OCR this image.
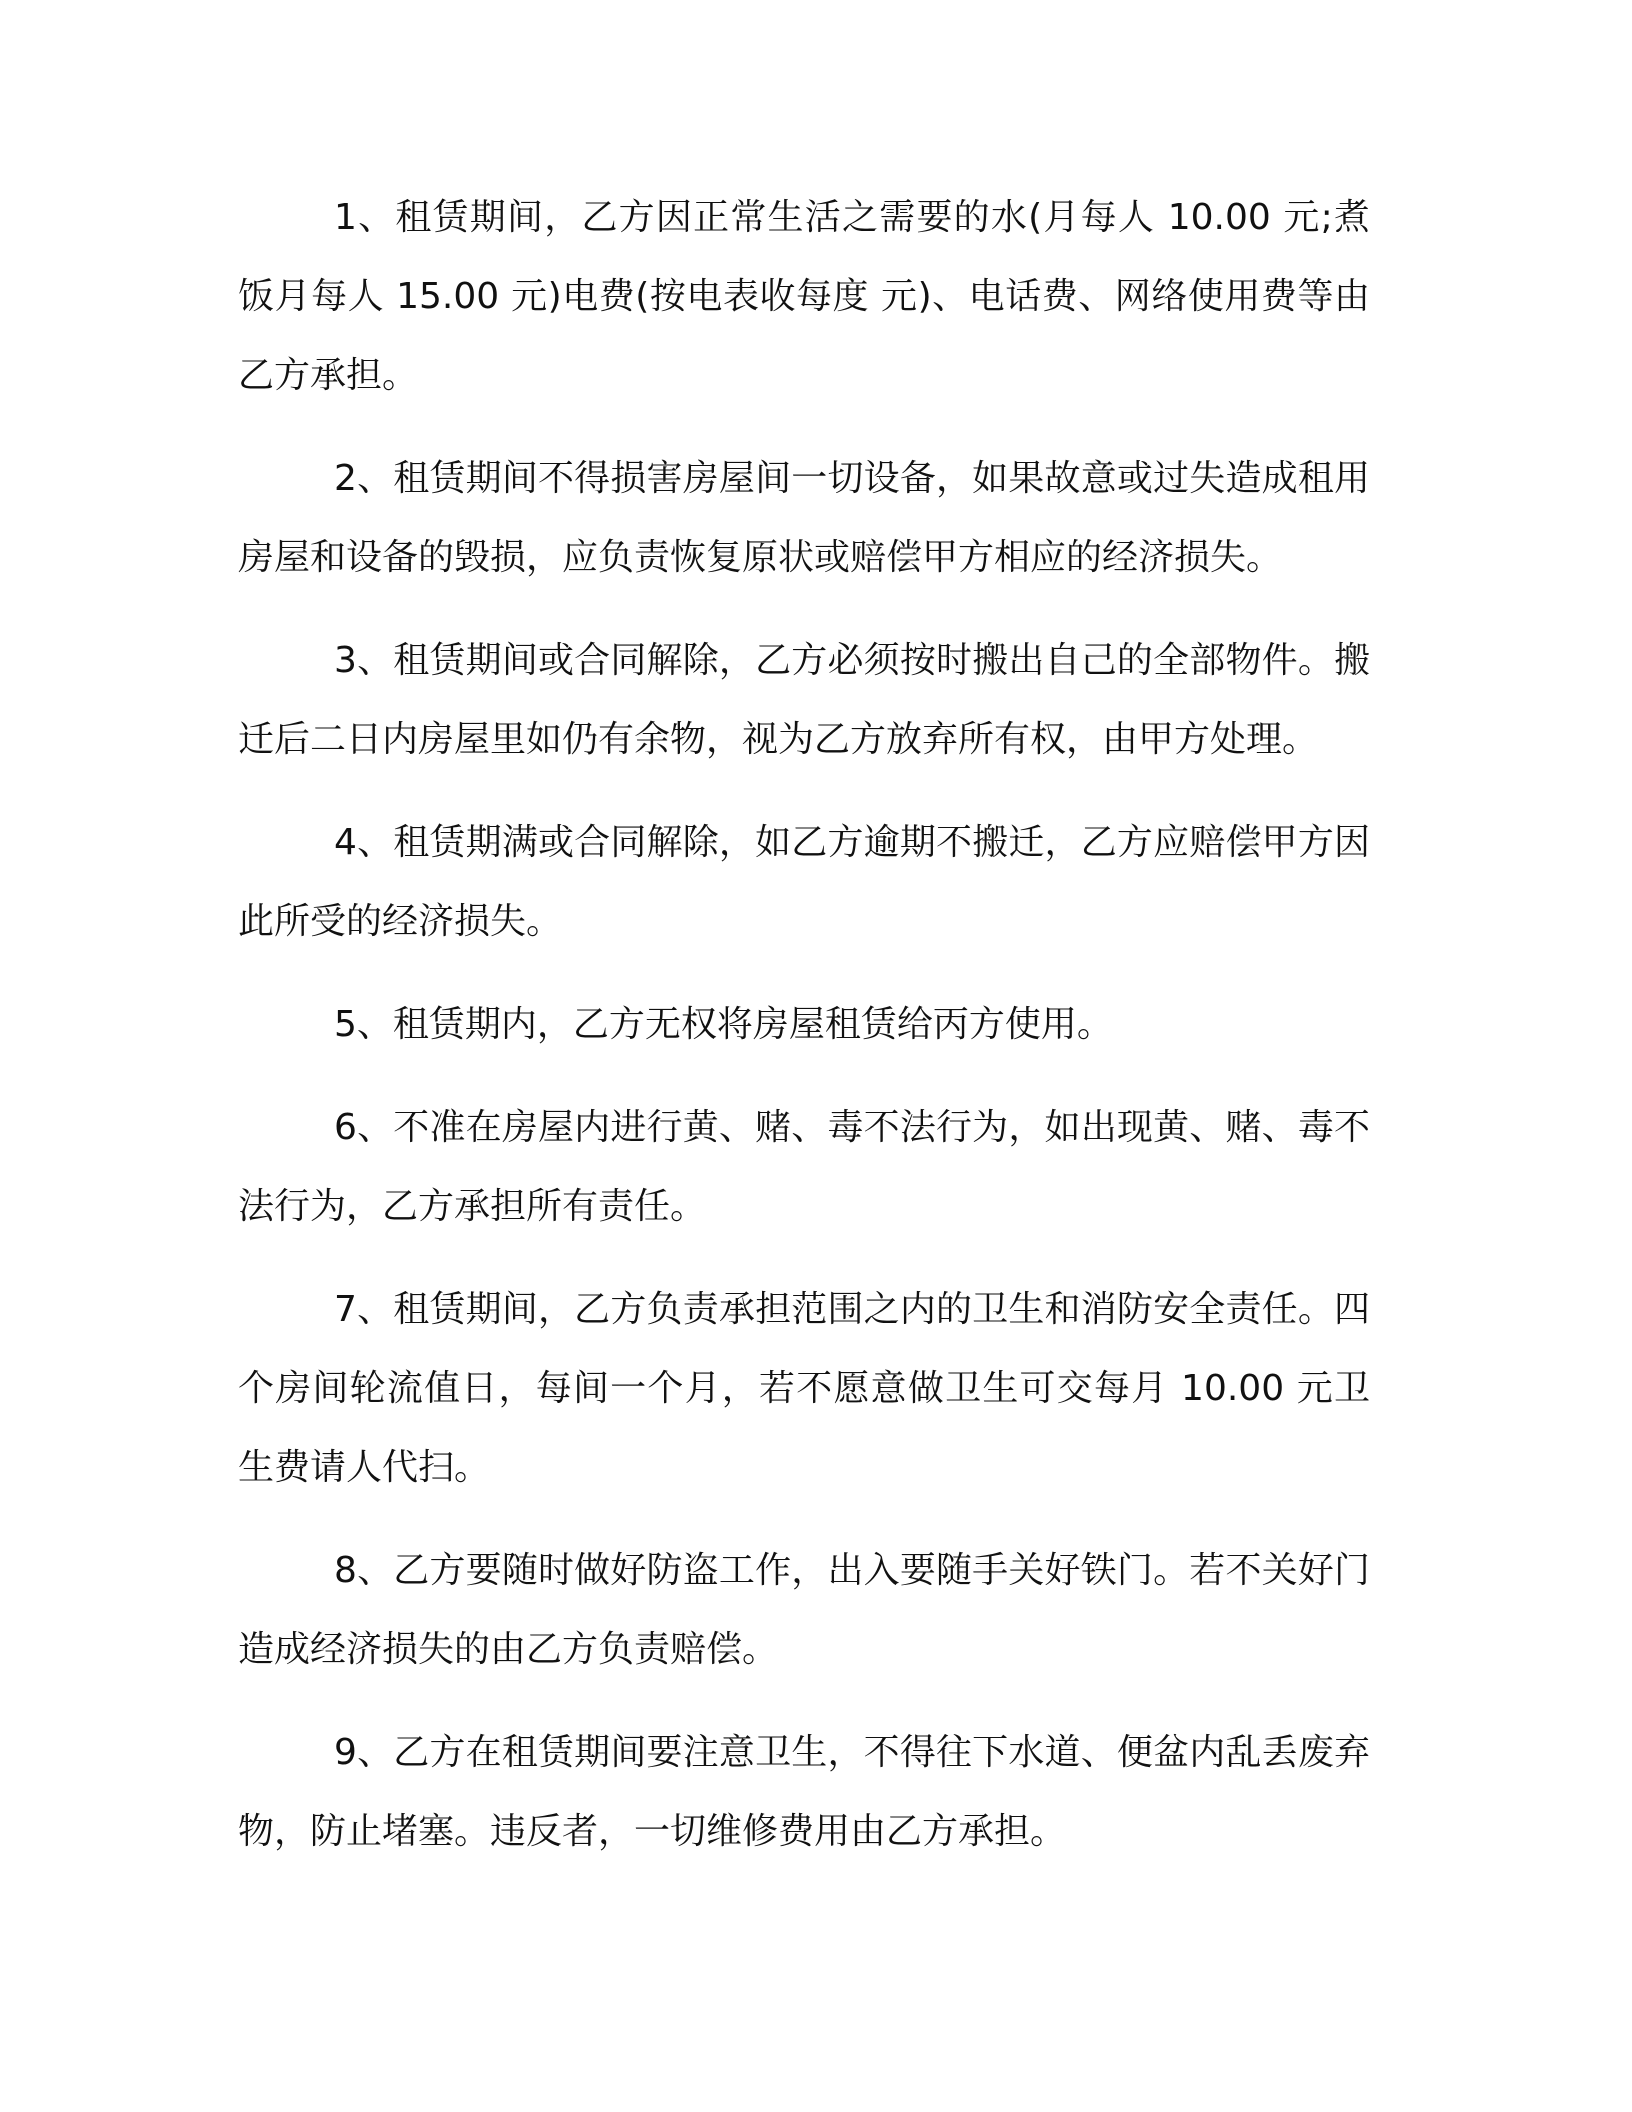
1、租赁期间，乙方因正常生活之需要的水(月每人 10.00 元;煮饭月每人 15.00 元)电费(按电表收每度 元)、电话费、网络使用费等由乙方承担。

2、租赁期间不得损害房屋间一切设备，如果故意或过失造成租用房屋和设备的毁损，应负责恢复原状或赔偿甲方相应的经济损失。

3、租赁期间或合同解除，乙方必须按时搬出自己的全部物件。搬迁后二日内房屋里如仍有余物，视为乙方放弃所有权，由甲方处理。

4、租赁期满或合同解除，如乙方逾期不搬迁，乙方应赔偿甲方因此所受的经济损失。

5、租赁期内，乙方无权将房屋租赁给丙方使用。

6、不准在房屋内进行黄、赌、毒不法行为，如出现黄、赌、毒不法行为，乙方承担所有责任。

7、租赁期间，乙方负责承担范围之内的卫生和消防安全责任。四个房间轮流值日，每间一个月，若不愿意做卫生可交每月 10.00 元卫生费请人代扫。

8、乙方要随时做好防盗工作，出入要随手关好铁门。若不关好门造成经济损失的由乙方负责赔偿。

9、乙方在租赁期间要注意卫生，不得往下水道、便盆内乱丢废弃物，防止堵塞。违反者，一切维修费用由乙方承担。
